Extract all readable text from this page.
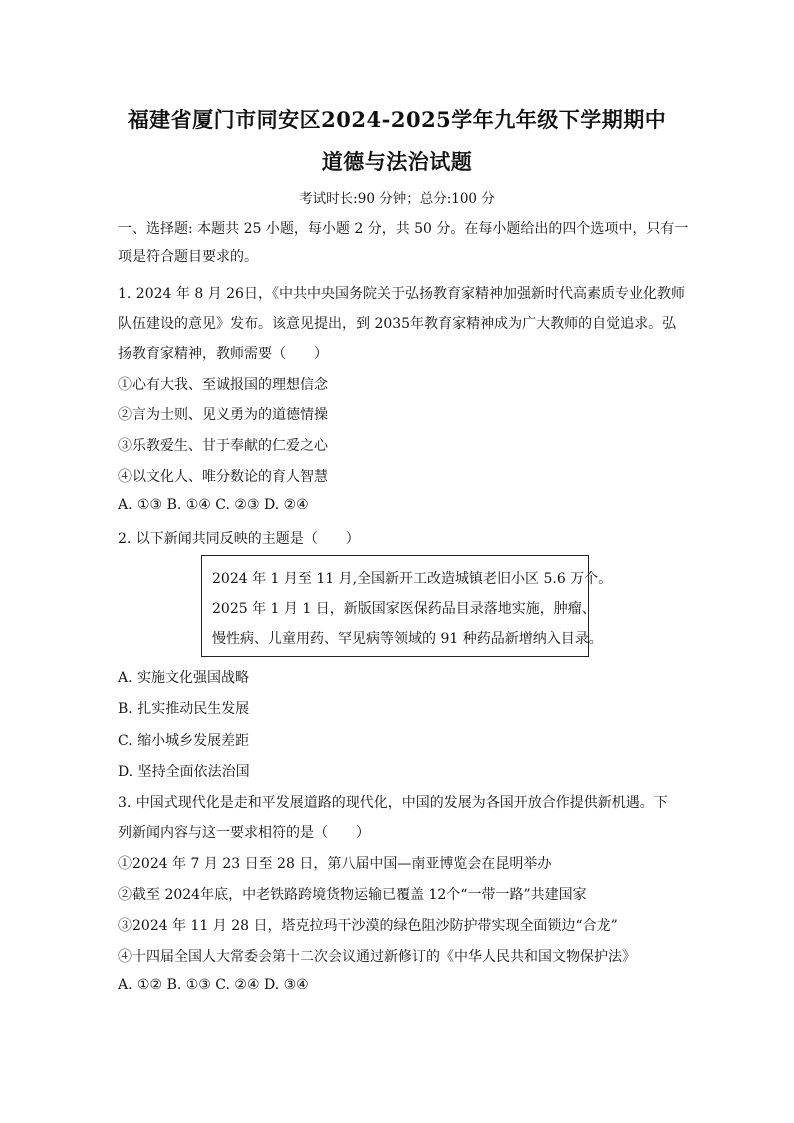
福建省厦门市同安区2024-2025学年九年级下学期期中
道德与法治试题
考试时长:90 分钟；总分:100 分
一、选择题: 本题共 25 小题，每小题 2 分，共 50 分。在每小题给出的四个选项中，只有一
项是符合题目要求的。
1. 2024 年 8 月 26日，《中共中央国务院关于弘扬教育家精神加强新时代高素质专业化教师
队伍建设的意见》发布。该意见提出，到 2035年教育家精神成为广大教师的自觉追求。弘
扬教育家精神，教师需要（　　）
①心有大我、至诚报国的理想信念
②言为士则、见义勇为的道德情操
③乐教爱生、甘于奉献的仁爱之心
④以文化人、唯分数论的育人智慧
A. ①③ B. ①④ C. ②③ D. ②④
2. 以下新闻共同反映的主题是（　　）
2024 年 1 月至 11 月,全国新开工改造城镇老旧小区 5.6 万个。
2025 年 1 月 1 日，新版国家医保药品目录落地实施，肿瘤、
慢性病、儿童用药、罕见病等领域的 91 种药品新增纳入目录。
A. 实施文化强国战略
B. 扎实推动民生发展
C. 缩小城乡发展差距
D. 坚持全面依法治国
3. 中国式现代化是走和平发展道路的现代化，中国的发展为各国开放合作提供新机遇。下
列新闻内容与这一要求相符的是（　　）
①2024 年 7 月 23 日至 28 日，第八届中国—南亚博览会在昆明举办
②截至 2024年底，中老铁路跨境货物运输已覆盖 12个“一带一路”共建国家
③2024 年 11 月 28 日，塔克拉玛干沙漠的绿色阻沙防护带实现全面锁边“合龙”
④十四届全国人大常委会第十二次会议通过新修订的《中华人民共和国文物保护法》
A. ①② B. ①③ C. ②④ D. ③④
